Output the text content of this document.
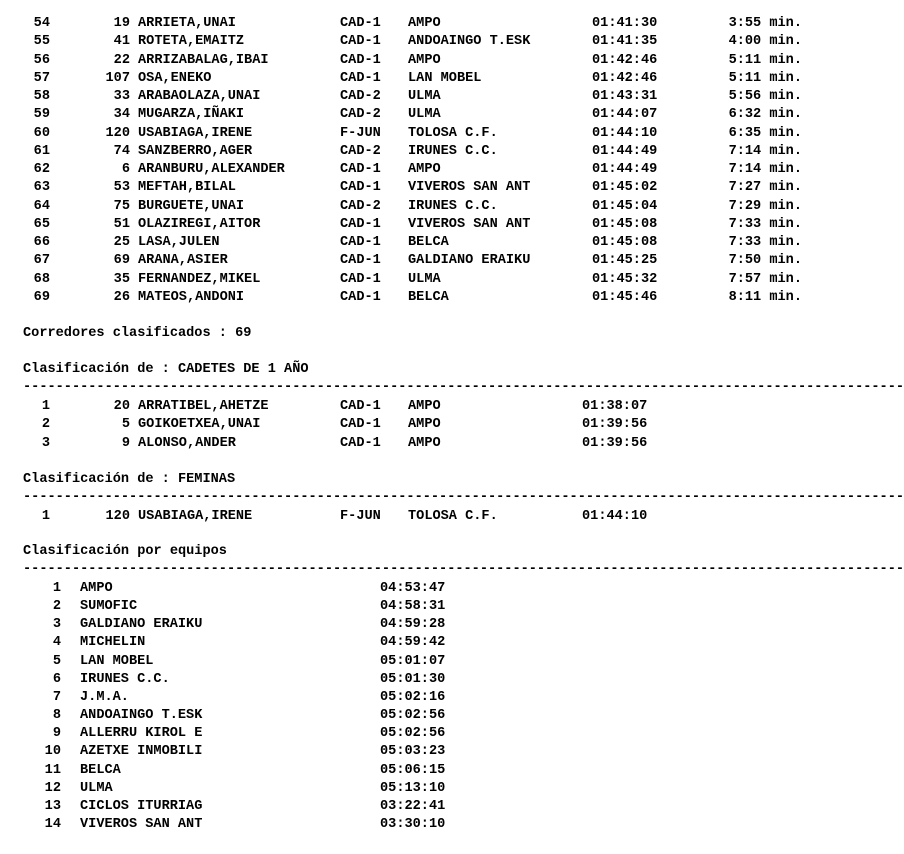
54	19 ARRIETA,UNAI	CAD-1 AMPO	01:41:30	3:55 min.
55	41 ROTETA,EMAITZ	CAD-1 ANDOAINGO T.ESK	01:41:35	4:00 min.
56	22 ARRIZABALAG,IBAI	CAD-1 AMPO	01:42:46	5:11 min.
57	107 OSA,ENEKO	CAD-1 LAN MOBEL	01:42:46	5:11 min.
58	33 ARABAOLAZA,UNAI	CAD-2 ULMA	01:43:31	5:56 min.
59	34 MUGARZA,IÑAKI	CAD-2 ULMA	01:44:07	6:32 min.
60	120 USABIAGA,IRENE	F-JUN TOLOSA C.F.	01:44:10	6:35 min.
61	74 SANZBERRO,AGER	CAD-2 IRUNES C.C.	01:44:49	7:14 min.
62	6 ARANBURU,ALEXANDER	CAD-1 AMPO	01:44:49	7:14 min.
63	53 MEFTAH,BILAL	CAD-1 VIVEROS SAN ANT	01:45:02	7:27 min.
64	75 BURGUETE,UNAI	CAD-2 IRUNES C.C.	01:45:04	7:29 min.
65	51 OLAZIREGI,AITOR	CAD-1 VIVEROS SAN ANT	01:45:08	7:33 min.
66	25 LASA,JULEN	CAD-1 BELCA	01:45:08	7:33 min.
67	69 ARANA,ASIER	CAD-1 GALDIANO ERAIKU	01:45:25	7:50 min.
68	35 FERNANDEZ,MIKEL	CAD-1 ULMA	01:45:32	7:57 min.
69	26 MATEOS,ANDONI	CAD-1 BELCA	01:45:46	8:11 min.
Corredores clasificados : 69
Clasificación de : CADETES DE 1 AÑO
------------------------------------------------------------------------------------------------------------
1	20 ARRATIBEL,AHETZE	CAD-1 AMPO	01:38:07
2	5 GOIKOETXEA,UNAI	CAD-1 AMPO	01:39:56
3	9 ALONSO,ANDER	CAD-1 AMPO	01:39:56
Clasificación de : FEMINAS
------------------------------------------------------------------------------------------------------------
1	120 USABIAGA,IRENE	F-JUN TOLOSA C.F.	01:44:10
Clasificación por equipos
------------------------------------------------------------------------------------------------------------
1 AMPO	04:53:47
2 SUMOFIC	04:58:31
3 GALDIANO ERAIKU	04:59:28
4 MICHELIN	04:59:42
5 LAN MOBEL	05:01:07
6 IRUNES C.C.	05:01:30
7 J.M.A.	05:02:16
8 ANDOAINGO T.ESK	05:02:56
9 ALLERRU KIROL E	05:02:56
10 AZETXE INMOBILI	05:03:23
11 BELCA	05:06:15
12 ULMA	05:13:10
13 CICLOS ITURRIAG	03:22:41
14 VIVEROS SAN ANT	03:30:10
